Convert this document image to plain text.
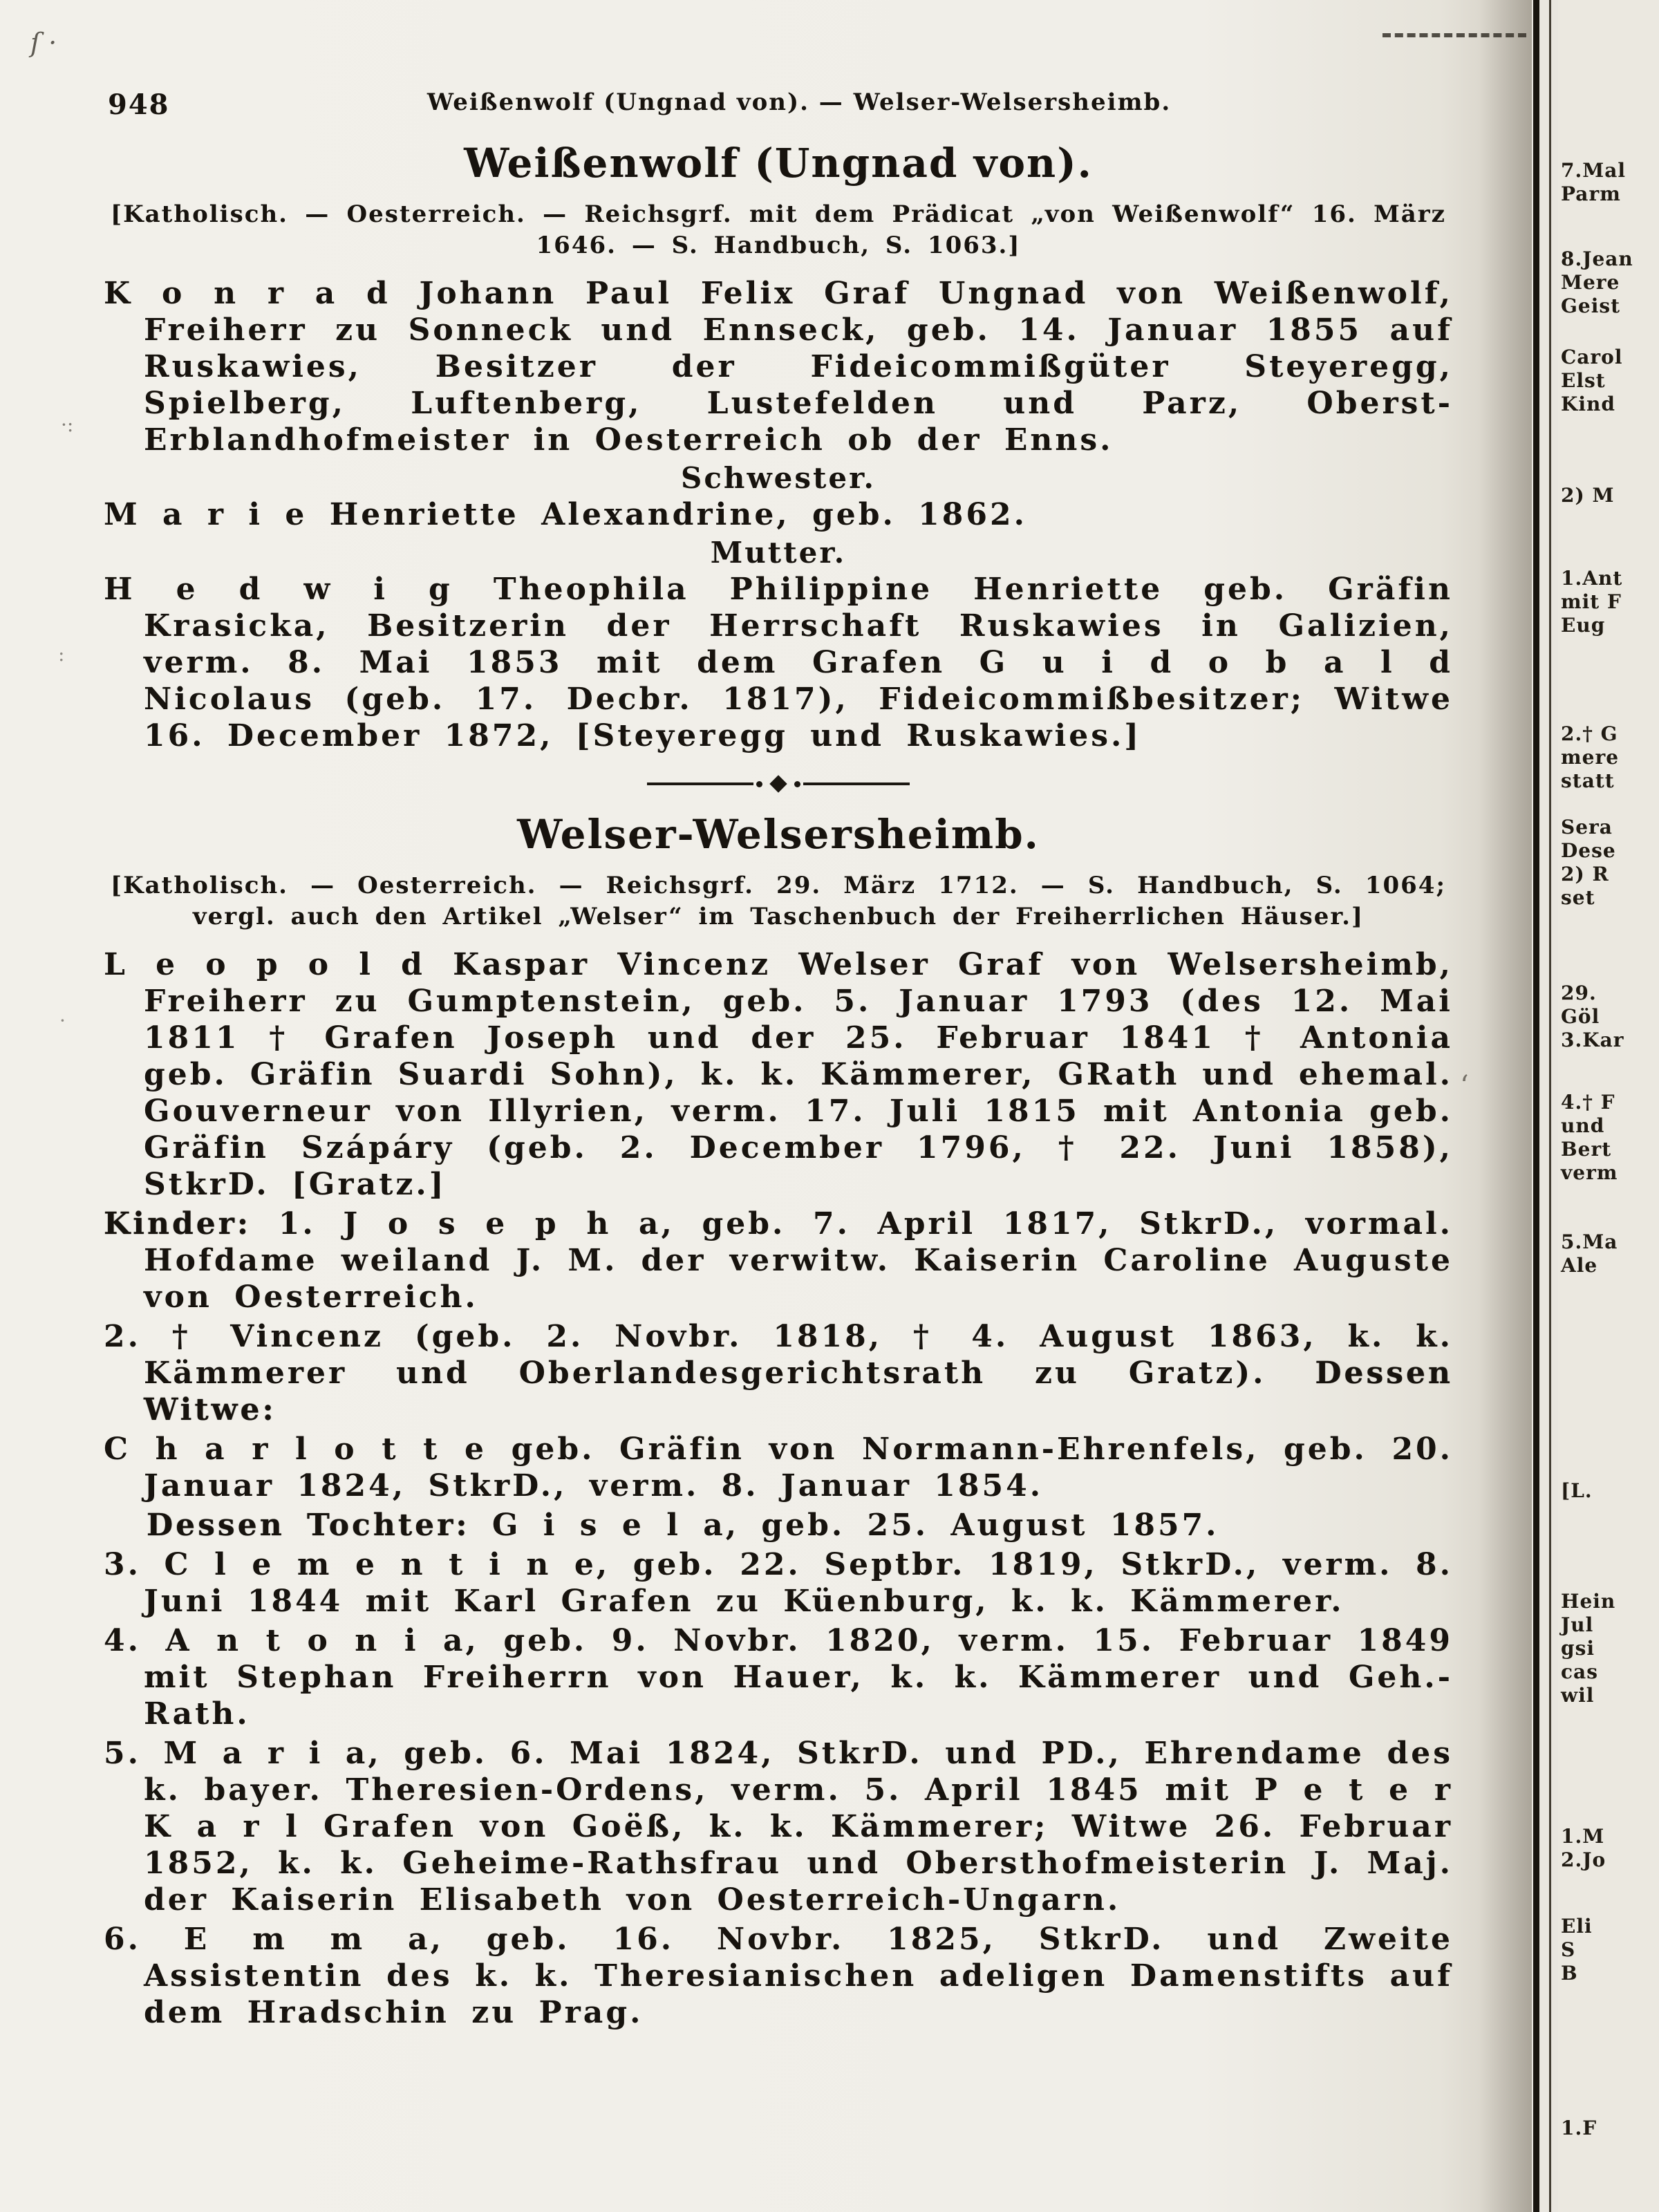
ſ ·
·:
:
·
ʻ
948	Weißenwolf (Ungnad von). — Welser-Welsersheimb.
Weißenwolf (Ungnad von).

[Katholisch. — Oesterreich. — Reichsgrf. mit dem Prädicat „von Weißenwolf“ 16. März 1646. — S. Handbuch, S. 1063.]

K o n r a d Johann Paul Felix Graf Ungnad von Weißenwolf, Freiherr zu Sonneck und Ennseck, geb. 14. Januar 1855 auf Ruskawies, Besitzer der Fideicommißgüter Steyeregg, Spielberg, Luftenberg, Lustefelden und Parz, Oberst-Erblandhofmeister in Oesterreich ob der Enns.

Schwester.

M a r i e Henriette Alexandrine, geb. 1862.

Mutter.

H e d w i g Theophila Philippine Henriette geb. Gräfin Krasicka, Besitzerin der Herrschaft Ruskawies in Galizien, verm. 8. Mai 1853 mit dem Grafen G u i d o b a l d Nicolaus (geb. 17. Decbr. 1817), Fideicommißbesitzer; Witwe 16. December 1872, [Steyeregg und Ruskawies.]

Welser-Welsersheimb.

[Katholisch. — Oesterreich. — Reichsgrf. 29. März 1712. — S. Handbuch, S. 1064; vergl. auch den Artikel „Welser“ im Taschenbuch der Freiherrlichen Häuser.]

L e o p o l d Kaspar Vincenz Welser Graf von Welsersheimb, Freiherr zu Gumptenstein, geb. 5. Januar 1793 (des 12. Mai 1811 † Grafen Joseph und der 25. Februar 1841 † Antonia geb. Gräfin Suardi Sohn), k. k. Kämmerer, GRath und ehemal. Gouverneur von Illyrien, verm. 17. Juli 1815 mit Antonia geb. Gräfin Szápáry (geb. 2. December 1796, † 22. Juni 1858), StkrD. [Gratz.]

Kinder: 1. J o s e p h a, geb. 7. April 1817, StkrD., vormal. Hofdame weiland J. M. der verwitw. Kaiserin Caroline Auguste von Oesterreich.

2. † Vincenz (geb. 2. Novbr. 1818, † 4. August 1863, k. k. Kämmerer und Oberlandesgerichtsrath zu Gratz). Dessen Witwe:

C h a r l o t t e geb. Gräfin von Normann-Ehrenfels, geb. 20. Januar 1824, StkrD., verm. 8. Januar 1854.

Dessen Tochter: G i s e l a, geb. 25. August 1857.

3. C l e m e n t i n e, geb. 22. Septbr. 1819, StkrD., verm. 8. Juni 1844 mit Karl Grafen zu Küenburg, k. k. Kämmerer.

4. A n t o n i a, geb. 9. Novbr. 1820, verm. 15. Februar 1849 mit Stephan Freiherrn von Hauer, k. k. Kämmerer und Geh.-Rath.

5. M a r i a, geb. 6. Mai 1824, StkrD. und PD., Ehrendame des k. bayer. Theresien-Ordens, verm. 5. April 1845 mit P e t e r K a r l Grafen von Goëß, k. k. Kämmerer; Witwe 26. Februar 1852, k. k. Geheime-Rathsfrau und Obersthofmeisterin J. Maj. der Kaiserin Elisabeth von Oesterreich-Ungarn.

6. E m m a, geb. 16. Novbr. 1825, StkrD. und Zweite Assistentin des k. k. Theresianischen adeligen Damenstifts auf dem Hradschin zu Prag.

7.Mal
Parm
8.Jean
Mere
Geist
Carol
Elst
Kind
2) M
1.Ant
mit F
Eug
2.† G
mere
statt
Sera
Dese
2) R
set
29.
Göl
3.Kar
4.† F
und
Bert
verm
5.Ma
Ale
[L.
Hein
Jul
gsi
cas
wil
1.M
2.Jo
Eli
S
B
1.F
